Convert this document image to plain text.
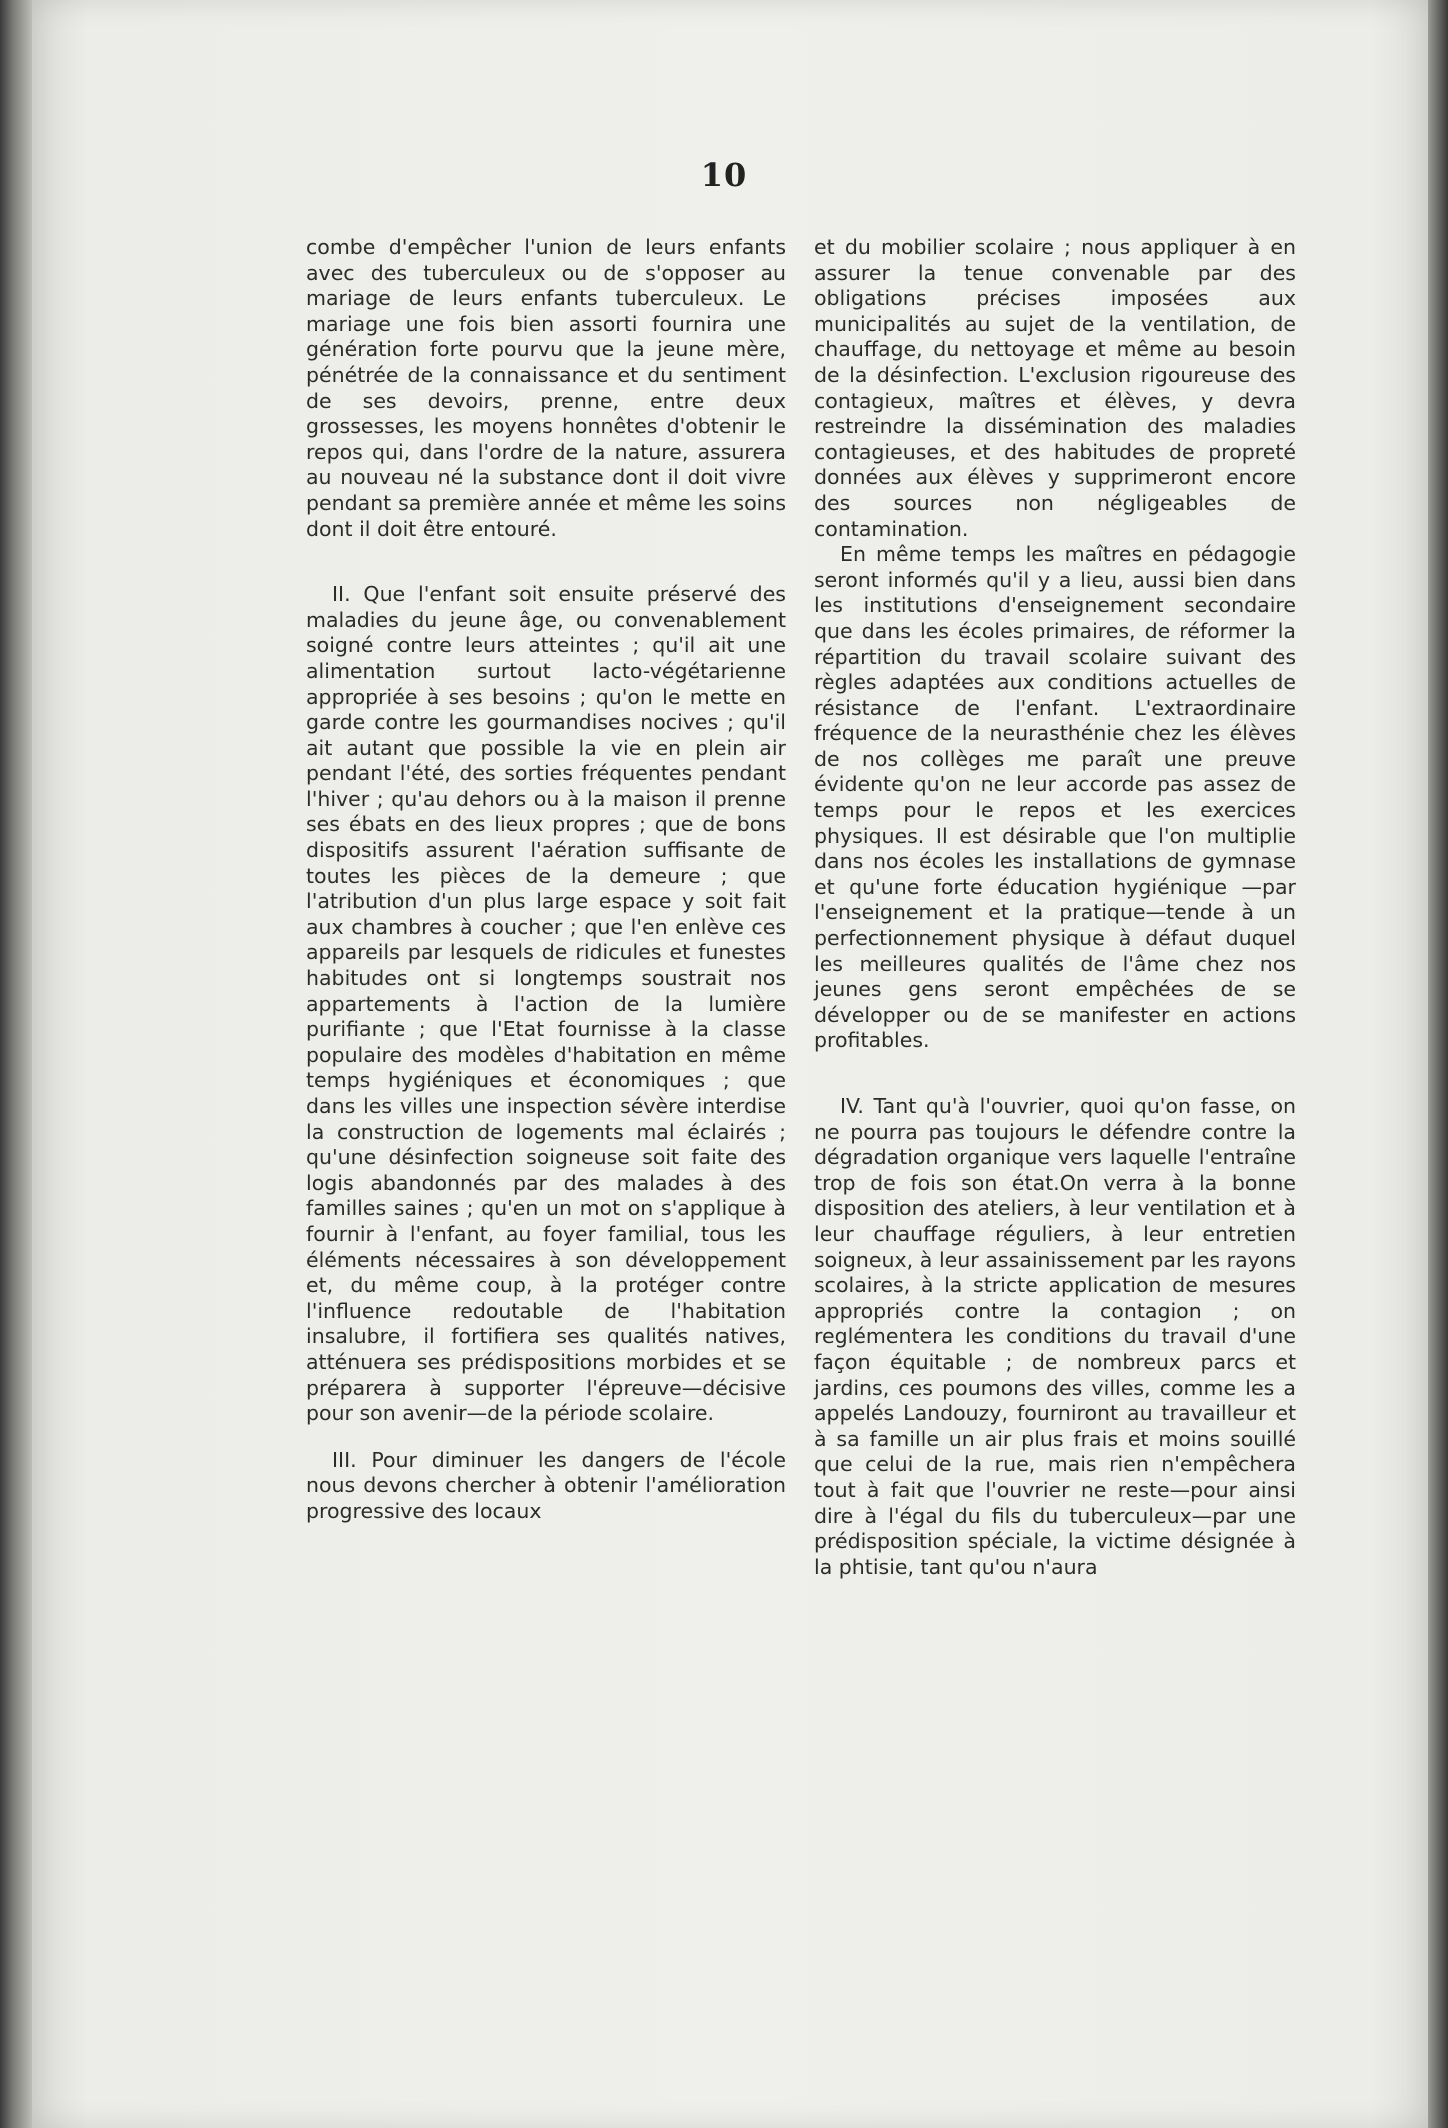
10

combe d'empêcher l'union de leurs enfants avec des tuberculeux ou de s'opposer au mariage de leurs enfants tuberculeux. Le mariage une fois bien assorti fournira une génération forte pourvu que la jeune mère, pénétrée de la connaissance et du sentiment de ses devoirs, prenne, entre deux grossesses, les moyens honnêtes d'obtenir le repos qui, dans l'ordre de la nature, assurera au nouveau né la substance dont il doit vivre pendant sa première année et même les soins dont il doit être entouré.

II. Que l'enfant soit ensuite préservé des maladies du jeune âge, ou convenablement soigné contre leurs atteintes ; qu'il ait une alimentation surtout lacto-végétarienne appropriée à ses besoins ; qu'on le mette en garde contre les gourmandises nocives ; qu'il ait autant que possible la vie en plein air pendant l'été, des sorties fréquentes pendant l'hiver ; qu'au dehors ou à la maison il prenne ses ébats en des lieux propres ; que de bons dispositifs assurent l'aération suffisante de toutes les pièces de la demeure ; que l'atribution d'un plus large espace y soit fait aux chambres à coucher ; que l'en enlève ces appareils par lesquels de ridicules et funestes habitudes ont si longtemps soustrait nos appartements à l'action de la lumière purifiante ; que l'Etat fournisse à la classe populaire des modèles d'habitation en même temps hygiéniques et économiques ; que dans les villes une inspection sévère interdise la construction de logements mal éclairés ; qu'une désinfection soigneuse soit faite des logis abandonnés par des malades à des familles saines ; qu'en un mot on s'applique à fournir à l'enfant, au foyer familial, tous les éléments nécessaires à son développement et, du même coup, à la protéger contre l'influence redoutable de l'habitation insalubre, il fortifiera ses qualités natives, atténuera ses prédispositions morbides et se préparera à supporter l'épreuve—décisive pour son avenir—de la période scolaire.

III. Pour diminuer les dangers de l'école nous devons chercher à obtenir l'amélioration progressive des locaux

et du mobilier scolaire ; nous appliquer à en assurer la tenue convenable par des obligations précises imposées aux municipalités au sujet de la ventilation, de chauffage, du nettoyage et même au besoin de la désinfection. L'exclusion rigoureuse des contagieux, maîtres et élèves, y devra restreindre la dissémination des maladies contagieuses, et des habitudes de propreté données aux élèves y supprimeront encore des sources non négligeables de contamination.

En même temps les maîtres en pédagogie seront informés qu'il y a lieu, aussi bien dans les institutions d'enseignement secondaire que dans les écoles primaires, de réformer la répartition du travail scolaire suivant des règles adaptées aux conditions actuelles de résistance de l'enfant. L'extraordinaire fréquence de la neurasthénie chez les élèves de nos collèges me paraît une preuve évidente qu'on ne leur accorde pas assez de temps pour le repos et les exercices physiques. Il est désirable que l'on multiplie dans nos écoles les installations de gymnase et qu'une forte éducation hygiénique —par l'enseignement et la pratique—tende à un perfectionnement physique à défaut duquel les meilleures qualités de l'âme chez nos jeunes gens seront empêchées de se développer ou de se manifester en actions profitables.

IV. Tant qu'à l'ouvrier, quoi qu'on fasse, on ne pourra pas toujours le défendre contre la dégradation organique vers laquelle l'entraîne trop de fois son état.On verra à la bonne disposition des ateliers, à leur ventilation et à leur chauffage réguliers, à leur entretien soigneux, à leur assainissement par les rayons scolaires, à la stricte application de mesures appropriés contre la contagion ; on reglémentera les conditions du travail d'une façon équitable ; de nombreux parcs et jardins, ces poumons des villes, comme les a appelés Landouzy, fourniront au travailleur et à sa famille un air plus frais et moins souillé que celui de la rue, mais rien n'empêchera tout à fait que l'ouvrier ne reste—pour ainsi dire à l'égal du fils du tuberculeux—par une prédisposition spéciale, la victime désignée à la phtisie, tant qu'ou n'aura
